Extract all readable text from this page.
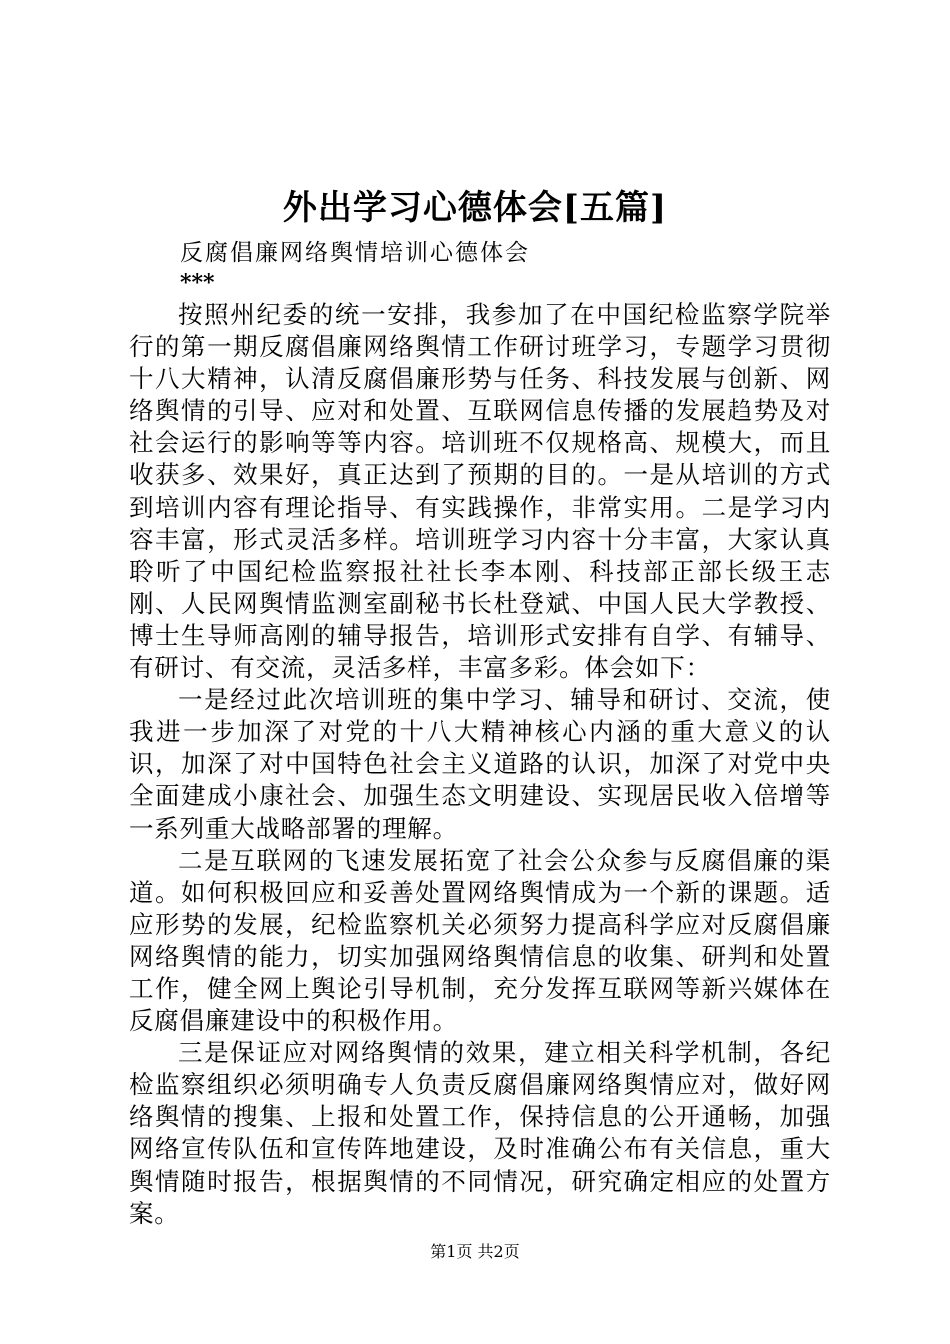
外出学习心德体会[五篇]
反腐倡廉网络舆情培训心德体会
***

按照州纪委的统一安排，我参加了在中国纪检监察学院举行的第一期反腐倡廉网络舆情工作研讨班学习，专题学习贯彻十八大精神，认清反腐倡廉形势与任务、科技发展与创新、网络舆情的引导、应对和处置、互联网信息传播的发展趋势及对社会运行的影响等等内容。培训班不仅规格高、规模大，而且收获多、效果好，真正达到了预期的目的。一是从培训的方式到培训内容有理论指导、有实践操作，非常实用。二是学习内容丰富，形式灵活多样。培训班学习内容十分丰富，大家认真聆听了中国纪检监察报社社长李本刚、科技部正部长级王志刚、人民网舆情监测室副秘书长杜登斌、中国人民大学教授、博士生导师高刚的辅导报告，培训形式安排有自学、有辅导、有研讨、有交流，灵活多样，丰富多彩。体会如下：

一是经过此次培训班的集中学习、辅导和研讨、交流，使我进一步加深了对党的十八大精神核心内涵的重大意义的认识，加深了对中国特色社会主义道路的认识，加深了对党中央全面建成小康社会、加强生态文明建设、实现居民收入倍增等一系列重大战略部署的理解。

二是互联网的飞速发展拓宽了社会公众参与反腐倡廉的渠道。如何积极回应和妥善处置网络舆情成为一个新的课题。适应形势的发展，纪检监察机关必须努力提高科学应对反腐倡廉网络舆情的能力，切实加强网络舆情信息的收集、研判和处置工作，健全网上舆论引导机制，充分发挥互联网等新兴媒体在反腐倡廉建设中的积极作用。

三是保证应对网络舆情的效果，建立相关科学机制，各纪检监察组织必须明确专人负责反腐倡廉网络舆情应对，做好网络舆情的搜集、上报和处置工作，保持信息的公开通畅，加强网络宣传队伍和宣传阵地建设，及时准确公布有关信息，重大舆情随时报告，根据舆情的不同情况，研究确定相应的处置方案。

第1页 共2页
